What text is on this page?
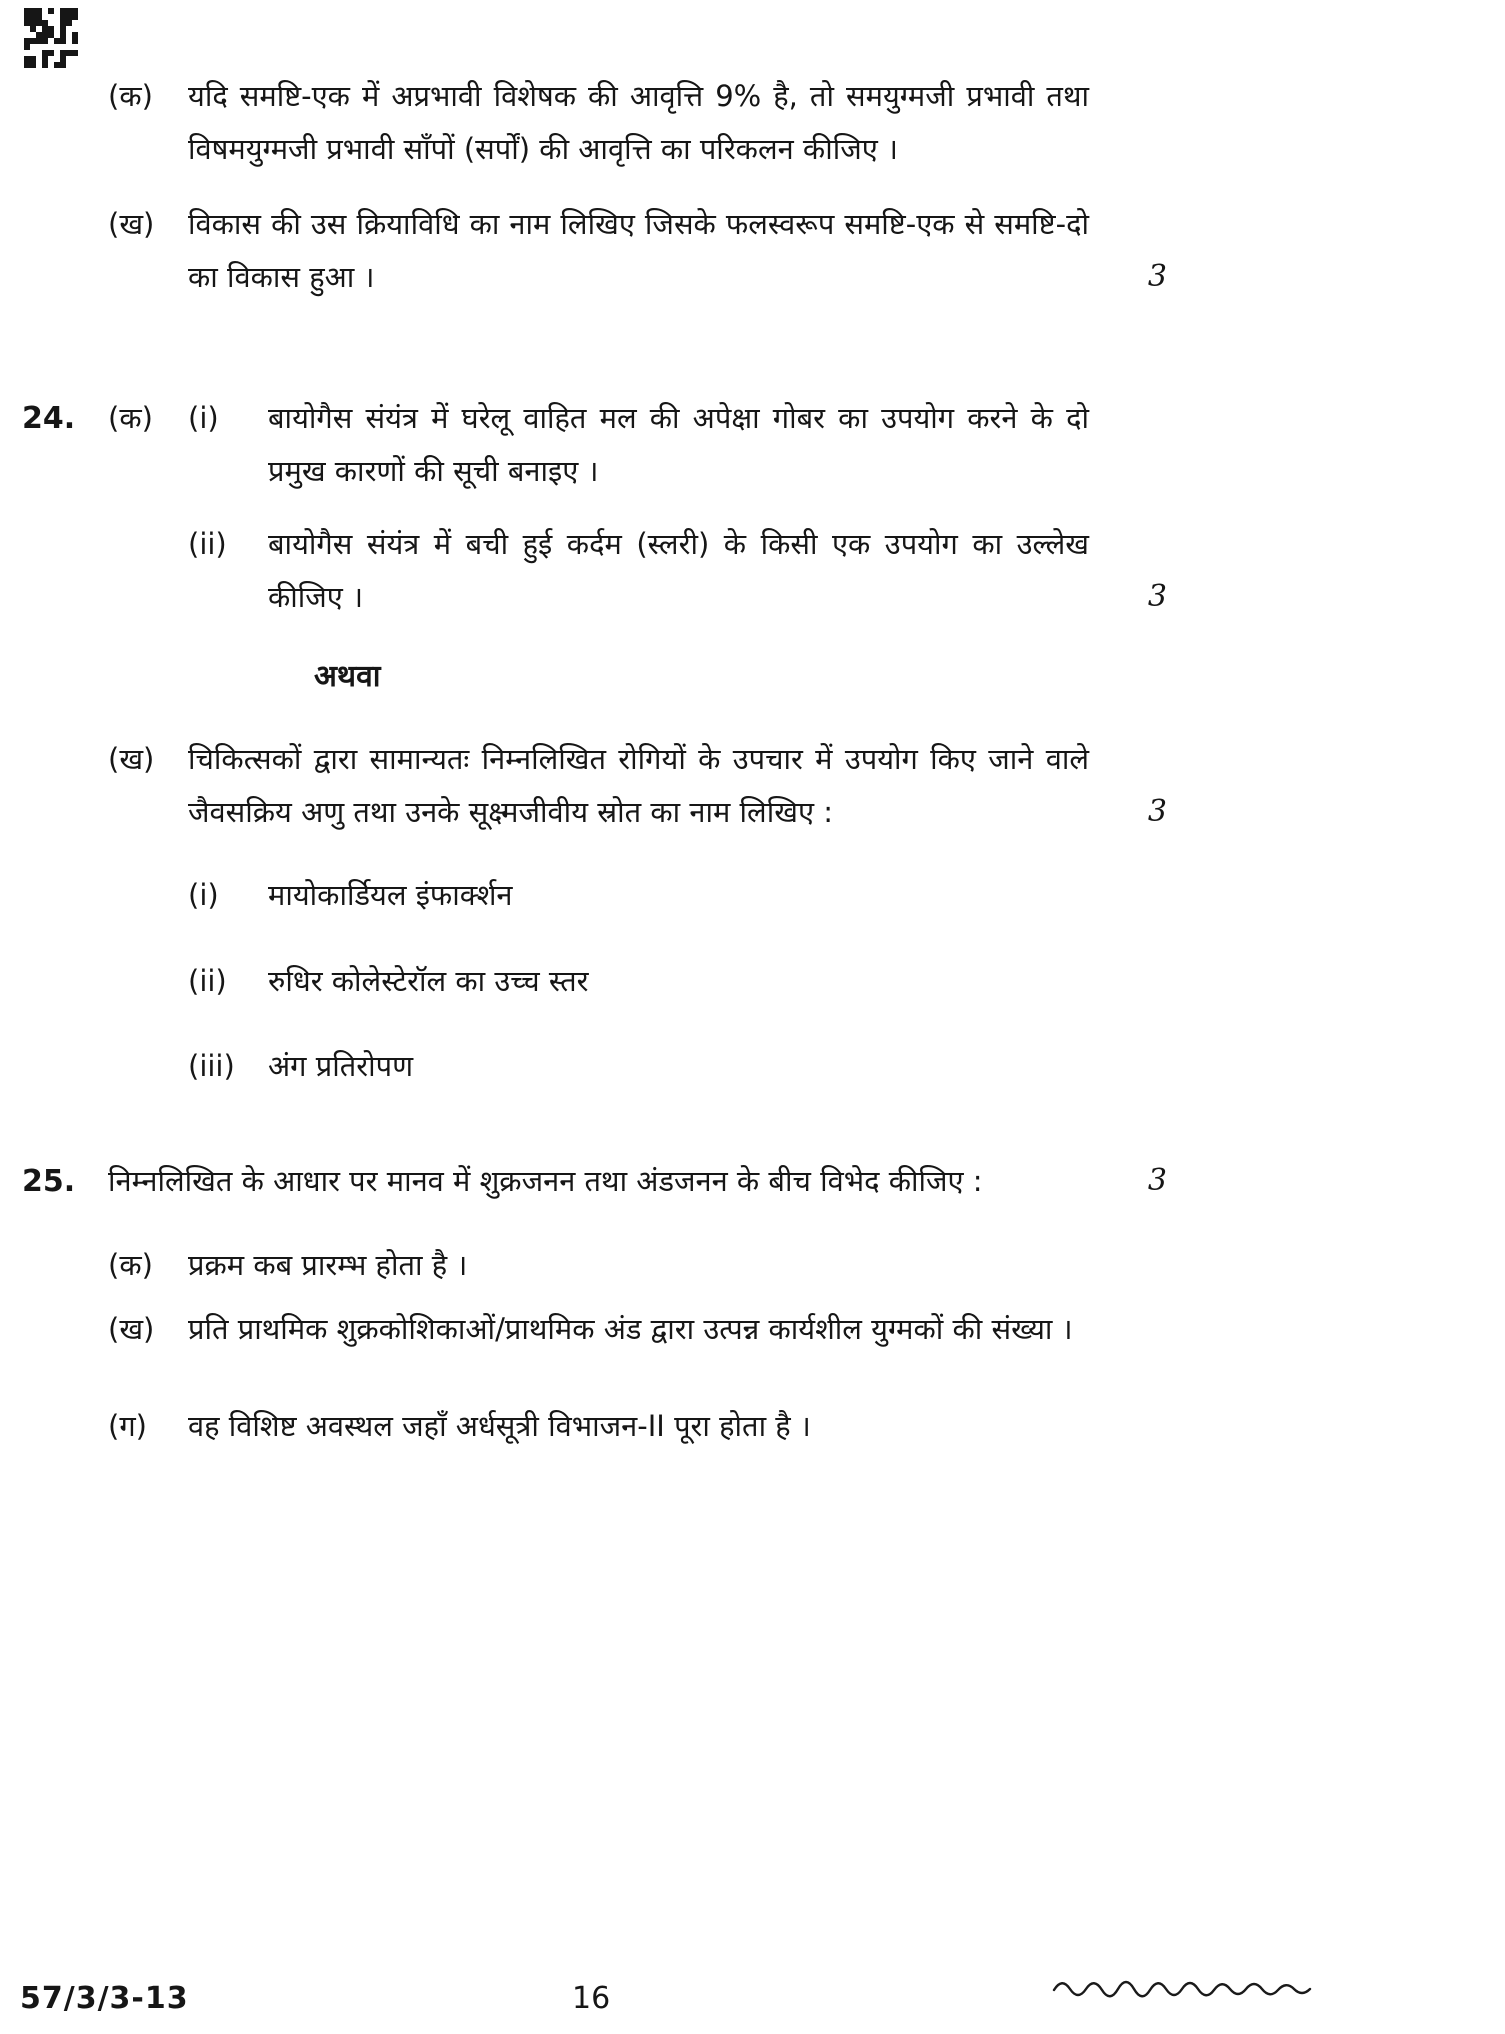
(क)	यदि समष्टि-एक में अप्रभावी विशेषक की आवृत्ति 9% है, तो समयुग्मजी प्रभावी तथा विषमयुग्मजी प्रभावी साँपों (सर्पों) की आवृत्ति का परिकलन कीजिए ।
(ख)	विकास की उस क्रियाविधि का नाम लिखिए जिसके फलस्वरूप समष्टि-एक से समष्टि-दो का विकास हुआ ।	3
24.	(क)	(i)	बायोगैस संयंत्र में घरेलू वाहित मल की अपेक्षा गोबर का उपयोग करने के दो प्रमुख कारणों की सूची बनाइए ।
(ii)	बायोगैस संयंत्र में बची हुई कर्दम (स्लरी) के किसी एक उपयोग का उल्लेख कीजिए ।	3
अथवा
(ख)	चिकित्सकों द्वारा सामान्यतः निम्नलिखित रोगियों के उपचार में उपयोग किए जाने वाले जैवसक्रिय अणु तथा उनके सूक्ष्मजीवीय स्रोत का नाम लिखिए :	3
(i)	मायोकार्डियल इंफार्क्शन
(ii)	रुधिर कोलेस्टेरॉल का उच्च स्तर
(iii)	अंग प्रतिरोपण
25.	निम्नलिखित के आधार पर मानव में शुक्रजनन तथा अंडजनन के बीच विभेद कीजिए :	3
(क)	प्रक्रम कब प्रारम्भ होता है ।
(ख)	प्रति प्राथमिक शुक्रकोशिकाओं/प्राथमिक अंड द्वारा उत्पन्न कार्यशील युग्मकों की संख्या ।
(ग)	वह विशिष्ट अवस्थल जहाँ अर्धसूत्री विभाजन-II पूरा होता है ।
57/3/3-13	16
